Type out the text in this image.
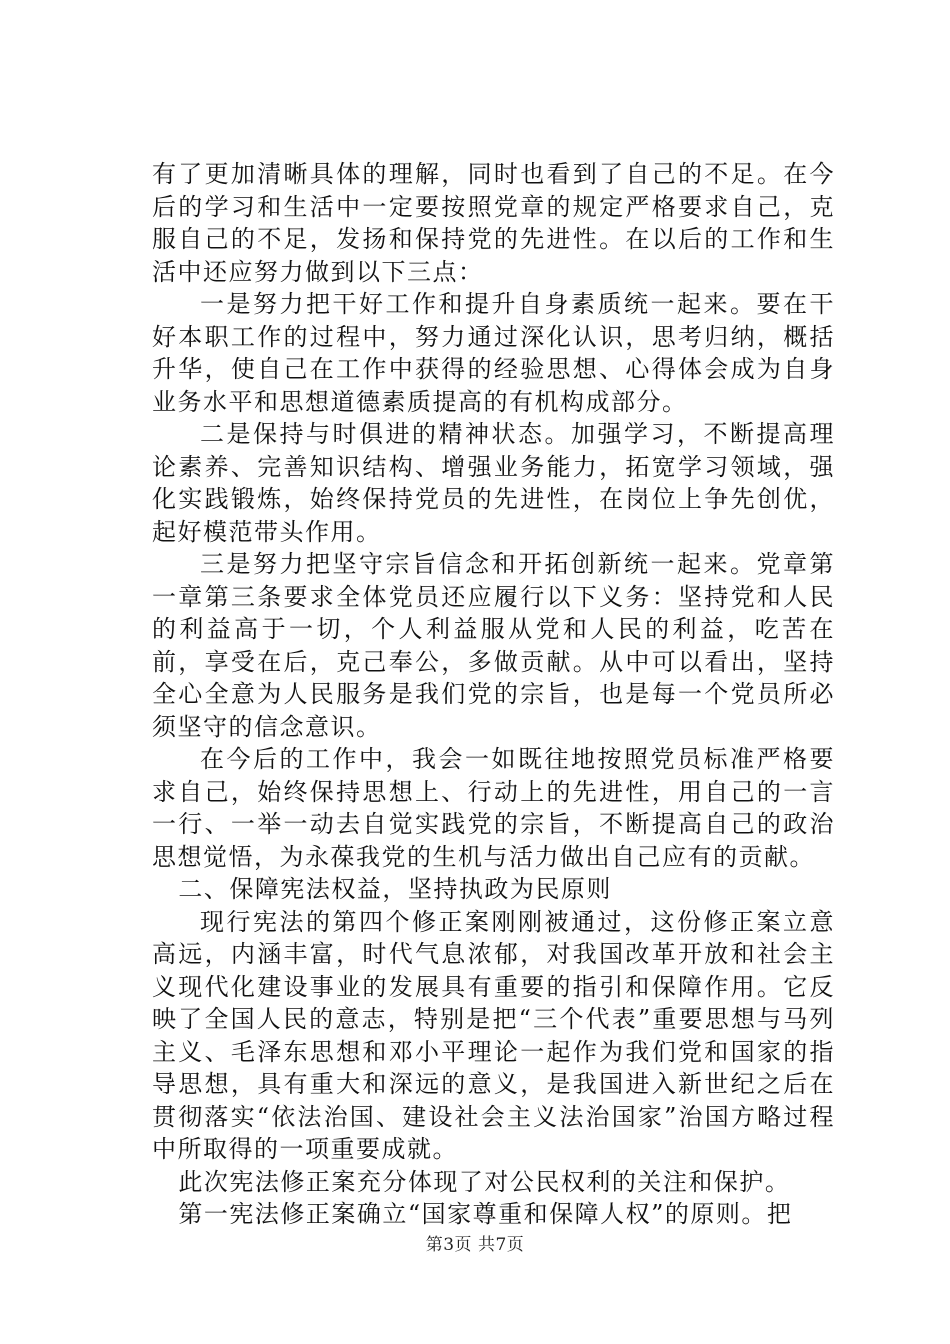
有了更加清晰具体的理解，同时也看到了自己的不足。在今后的学习和生活中一定要按照党章的规定严格要求自己，克服自己的不足，发扬和保持党的先进性。在以后的工作和生活中还应努力做到以下三点：

一是努力把干好工作和提升自身素质统一起来。要在干好本职工作的过程中，努力通过深化认识，思考归纳，概括升华，使自己在工作中获得的经验思想、心得体会成为自身业务水平和思想道德素质提高的有机构成部分。

二是保持与时俱进的精神状态。加强学习，不断提高理论素养、完善知识结构、增强业务能力，拓宽学习领域，强化实践锻炼，始终保持党员的先进性，在岗位上争先创优，起好模范带头作用。

三是努力把坚守宗旨信念和开拓创新统一起来。党章第一章第三条要求全体党员还应履行以下义务：坚持党和人民的利益高于一切，个人利益服从党和人民的利益，吃苦在前，享受在后，克己奉公，多做贡献。从中可以看出，坚持全心全意为人民服务是我们党的宗旨，也是每一个党员所必须坚守的信念意识。

在今后的工作中，我会一如既往地按照党员标准严格要求自己，始终保持思想上、行动上的先进性，用自己的一言一行、一举一动去自觉实践党的宗旨，不断提高自己的政治思想觉悟，为永葆我党的生机与活力做出自己应有的贡献。

二、保障宪法权益，坚持执政为民原则

现行宪法的第四个修正案刚刚被通过，这份修正案立意高远，内涵丰富，时代气息浓郁，对我国改革开放和社会主义现代化建设事业的发展具有重要的指引和保障作用。它反映了全国人民的意志，特别是把“三个代表”重要思想与马列主义、毛泽东思想和邓小平理论一起作为我们党和国家的指导思想，具有重大和深远的意义，是我国进入新世纪之后在贯彻落实“依法治国、建设社会主义法治国家”治国方略过程中所取得的一项重要成就。

此次宪法修正案充分体现了对公民权利的关注和保护。

第一宪法修正案确立“国家尊重和保障人权”的原则。把

第3页 共7页
